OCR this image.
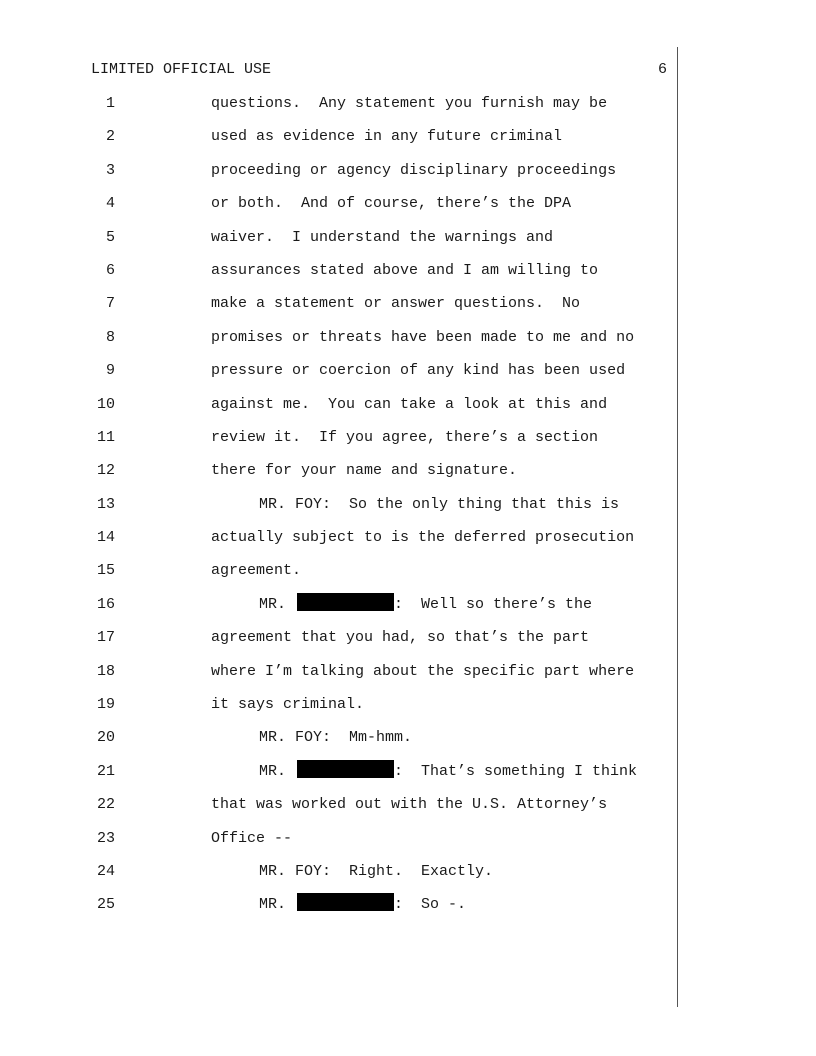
LIMITED OFFICIAL USE	6
1	questions.  Any statement you furnish may be
2	used as evidence in any future criminal
3	proceeding or agency disciplinary proceedings
4	or both.  And of course, there’s the DPA
5	waiver.  I understand the warnings and
6	assurances stated above and I am willing to
7	make a statement or answer questions.  No
8	promises or threats have been made to me and no
9	pressure or coercion of any kind has been used
10	against me.  You can take a look at this and
11	review it.  If you agree, there’s a section
12	there for your name and signature.
13	MR. FOY:  So the only thing that this is
14	actually subject to is the deferred prosecution
15	agreement.
16	MR.	:  Well so there’s the
17	agreement that you had, so that’s the part
18	where I’m talking about the specific part where
19	it says criminal.
20	MR. FOY:  Mm-hmm.
21	MR.	:  That’s something I think
22	that was worked out with the U.S. Attorney’s
23	Office --
24	MR. FOY:  Right.  Exactly.
25	MR.	:  So -.
